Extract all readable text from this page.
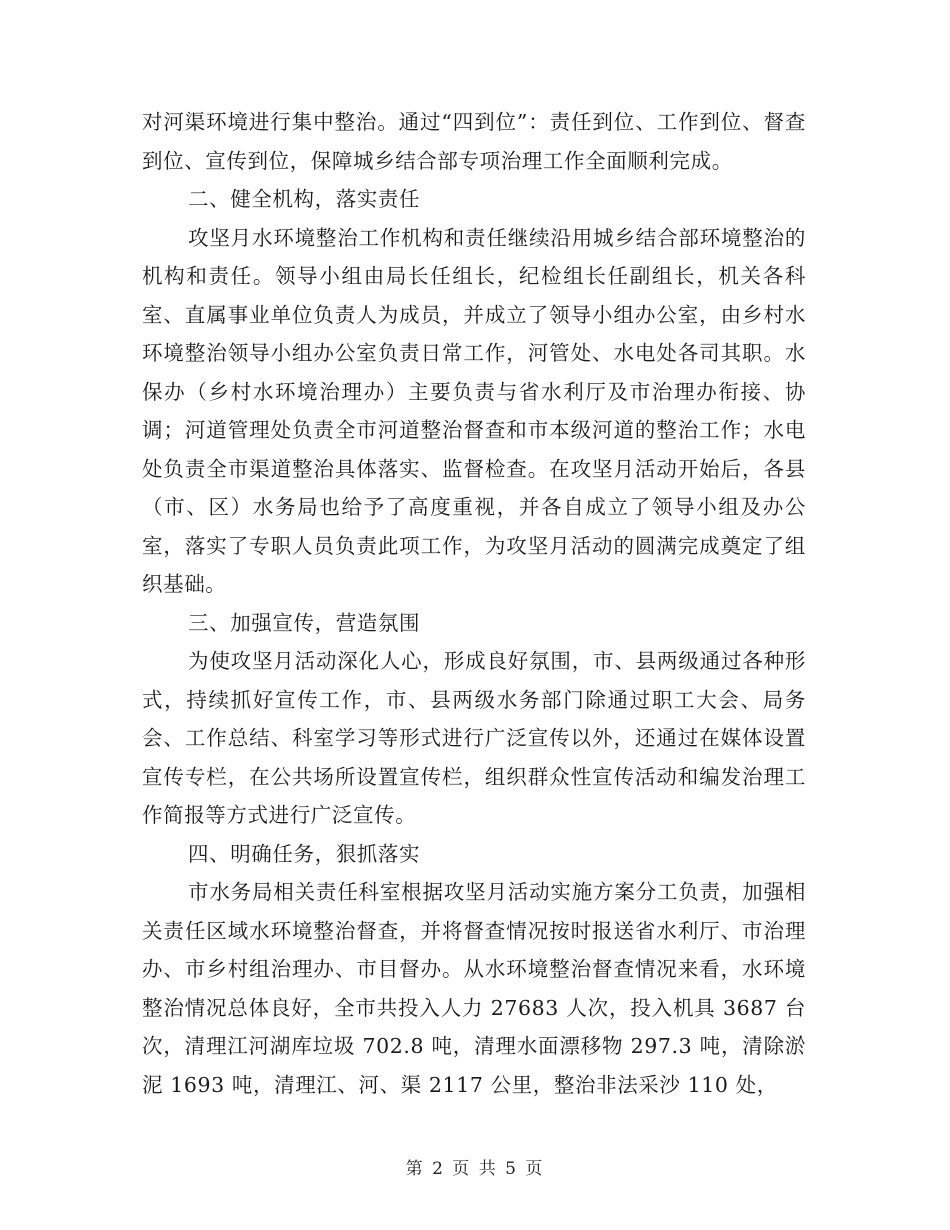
对河渠环境进行集中整治。通过“四到位”：责任到位、工作到位、督查到位、宣传到位，保障城乡结合部专项治理工作全面顺利完成。

二、健全机构，落实责任

攻坚月水环境整治工作机构和责任继续沿用城乡结合部环境整治的机构和责任。领导小组由局长任组长，纪检组长任副组长，机关各科室、直属事业单位负责人为成员，并成立了领导小组办公室，由乡村水环境整治领导小组办公室负责日常工作，河管处、水电处各司其职。水保办（乡村水环境治理办）主要负责与省水利厅及市治理办衔接、协调；河道管理处负责全市河道整治督查和市本级河道的整治工作；水电处负责全市渠道整治具体落实、监督检查。在攻坚月活动开始后，各县（市、区）水务局也给予了高度重视，并各自成立了领导小组及办公室，落实了专职人员负责此项工作，为攻坚月活动的圆满完成奠定了组织基础。

三、加强宣传，营造氛围

为使攻坚月活动深化人心，形成良好氛围，市、县两级通过各种形式，持续抓好宣传工作，市、县两级水务部门除通过职工大会、局务会、工作总结、科室学习等形式进行广泛宣传以外，还通过在媒体设置宣传专栏，在公共场所设置宣传栏，组织群众性宣传活动和编发治理工作简报等方式进行广泛宣传。

四、明确任务，狠抓落实

市水务局相关责任科室根据攻坚月活动实施方案分工负责，加强相关责任区域水环境整治督查，并将督查情况按时报送省水利厅、市治理办、市乡村组治理办、市目督办。从水环境整治督查情况来看，水环境整治情况总体良好，全市共投入人力 27683 人次，投入机具 3687 台次，清理江河湖库垃圾 702.8 吨，清理水面漂移物 297.3 吨，清除淤泥 1693 吨，清理江、河、渠 2117 公里，整治非法采沙 110 处，

第 2 页 共 5 页
